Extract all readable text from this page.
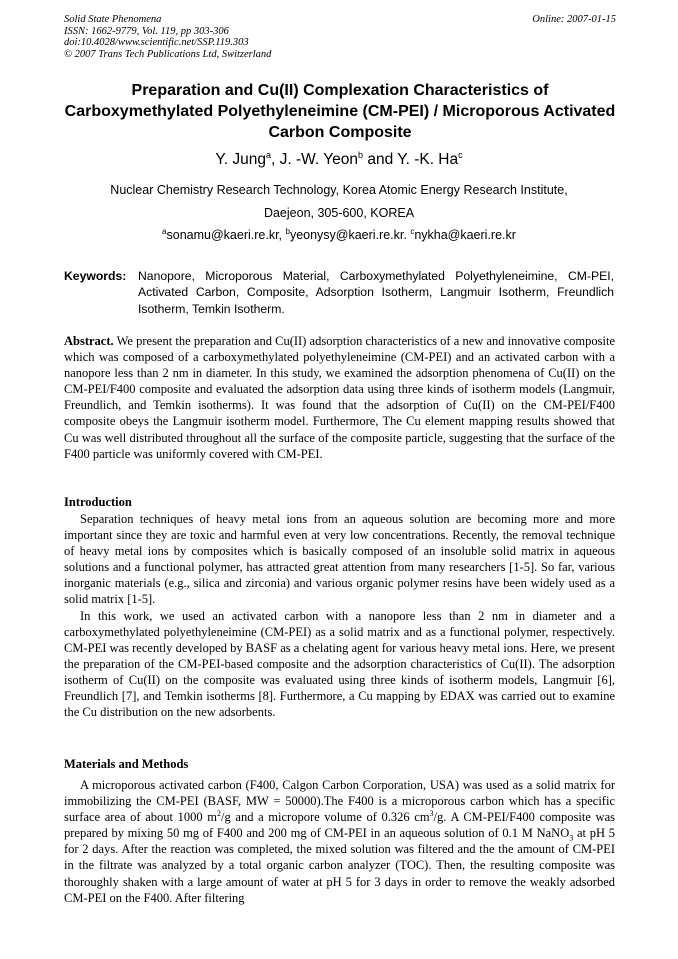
Solid State Phenomena
ISSN: 1662-9779, Vol. 119, pp 303-306
doi:10.4028/www.scientific.net/SSP.119.303
© 2007 Trans Tech Publications Ltd, Switzerland
Online: 2007-01-15
Preparation and Cu(II) Complexation Characteristics of
Carboxymethylated Polyethyleneimine (CM-PEI) / Microporous Activated
Carbon Composite
Y. Jung$^a$, J. -W. Yeon$^b$ and Y. -K. Ha$^c$
Nuclear Chemistry Research Technology, Korea Atomic Energy Research Institute,
Daejeon, 305-600, KOREA
$^a$sonamu@kaeri.re.kr, $^b$yeonysy@kaeri.re.kr. $^c$nykha@kaeri.re.kr
Keywords: Nanopore, Microporous Material, Carboxymethylated Polyethyleneimine, CM-PEI, Activated Carbon, Composite, Adsorption Isotherm, Langmuir Isotherm, Freundlich Isotherm, Temkin Isotherm.
Abstract. We present the preparation and Cu(II) adsorption characteristics of a new and innovative composite which was composed of a carboxymethylated polyethyleneimine (CM-PEI) and an activated carbon with a nanopore less than 2 nm in diameter. In this study, we examined the adsorption phenomena of Cu(II) on the CM-PEI/F400 composite and evaluated the adsorption data using three kinds of isotherm models (Langmuir, Freundlich, and Temkin isotherms). It was found that the adsorption of Cu(II) on the CM-PEI/F400 composite obeys the Langmuir isotherm model. Furthermore, The Cu element mapping results showed that Cu was well distributed throughout all the surface of the composite particle, suggesting that the surface of the F400 particle was uniformly covered with CM-PEI.
Introduction
Separation techniques of heavy metal ions from an aqueous solution are becoming more and more important since they are toxic and harmful even at very low concentrations. Recently, the removal technique of heavy metal ions by composites which is basically composed of an insoluble solid matrix in aqueous solutions and a functional polymer, has attracted great attention from many researchers [1-5]. So far, various inorganic materials (e.g., silica and zirconia) and various organic polymer resins have been widely used as a solid matrix [1-5].
In this work, we used an activated carbon with a nanopore less than 2 nm in diameter and a carboxymethylated polyethyleneimine (CM-PEI) as a solid matrix and as a functional polymer, respectively. CM-PEI was recently developed by BASF as a chelating agent for various heavy metal ions. Here, we present the preparation of the CM-PEI-based composite and the adsorption characteristics of Cu(II). The adsorption isotherm of Cu(II) on the composite was evaluated using three kinds of isotherm models, Langmuir [6], Freundlich [7], and Temkin isotherms [8]. Furthermore, a Cu mapping by EDAX was carried out to examine the Cu distribution on the new adsorbents.
Materials and Methods
A microporous activated carbon (F400, Calgon Carbon Corporation, USA) was used as a solid matrix for immobilizing the CM-PEI (BASF, MW = 50000).The F400 is a microporous carbon which has a specific surface area of about 1000 $m^2/g$ and a micropore volume of 0.326 $cm^3/g$. A CM-PEI/F400 composite was prepared by mixing 50 mg of F400 and 200 mg of CM-PEI in an aqueous solution of 0.1 M NaNO$_3$ at pH 5 for 2 days. After the reaction was completed, the mixed solution was filtered and the the amount of CM-PEI in the filtrate was analyzed by a total organic carbon analyzer (TOC). Then, the resulting composite was thoroughly shaken with a large amount of water at pH 5 for 3 days in order to remove the weakly adsorbed CM-PEI on the F400. After filtering
